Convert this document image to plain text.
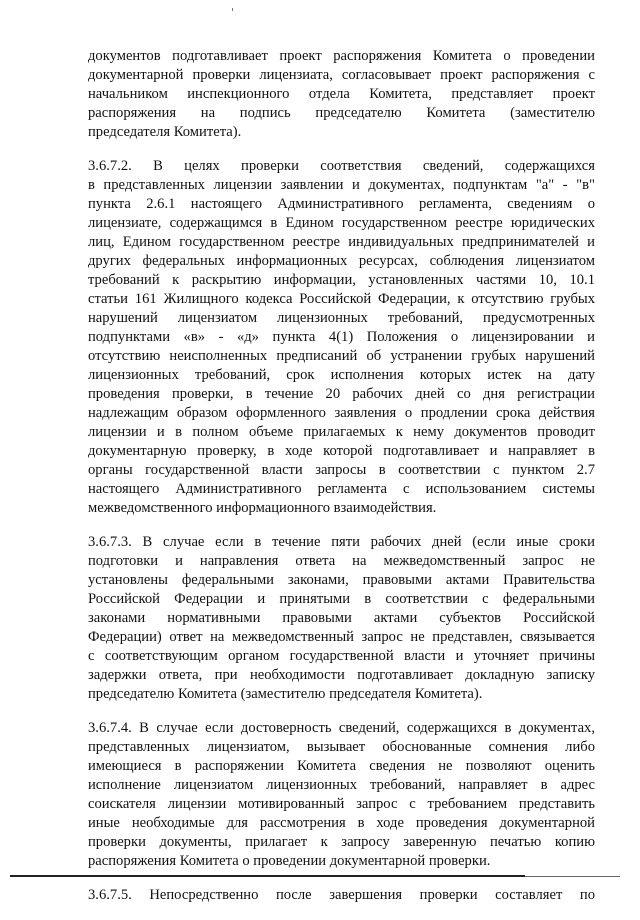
документов подготавливает проект распоряжения Комитета о проведении
документарной проверки лицензиата, согласовывает проект распоряжения с
начальником инспекционного отдела Комитета, представляет проект
распоряжения на подпись председателю Комитета (заместителю
председателя Комитета).
3.6.7.2. В целях проверки соответствия сведений, содержащихся
в представленных лицензии заявлении и документах, подпунктам "а" - "в"
пункта 2.6.1 настоящего Административного регламента, сведениям о
лицензиате, содержащимся в Едином государственном реестре юридических
лиц, Едином государственном реестре индивидуальных предпринимателей и
других федеральных информационных ресурсах, соблюдения лицензиатом
требований к раскрытию информации, установленных частями 10, 10.1
статьи 161 Жилищного кодекса Российской Федерации, к отсутствию грубых
нарушений лицензиатом лицензионных требований, предусмотренных
подпунктами «в» - «д» пункта 4(1) Положения о лицензировании и
отсутствию неисполненных предписаний об устранении грубых нарушений
лицензионных требований, срок исполнения которых истек на дату
проведения проверки, в течение 20 рабочих дней со дня регистрации
надлежащим образом оформленного заявления о продлении срока действия
лицензии и в полном объеме прилагаемых к нему документов проводит
документарную проверку, в ходе которой подготавливает и направляет в
органы государственной власти запросы в соответствии с пунктом 2.7
настоящего Административного регламента с использованием системы
межведомственного информационного взаимодействия.
3.6.7.3. В случае если в течение пяти рабочих дней (если иные сроки
подготовки и направления ответа на межведомственный запрос не
установлены федеральными законами, правовыми актами Правительства
Российской Федерации и принятыми в соответствии с федеральными
законами нормативными правовыми актами субъектов Российской
Федерации) ответ на межведомственный запрос не представлен, связывается
с соответствующим органом государственной власти и уточняет причины
задержки ответа, при необходимости подготавливает докладную записку
председателю Комитета (заместителю председателя Комитета).
3.6.7.4. В случае если достоверность сведений, содержащихся в документах,
представленных лицензиатом, вызывает обоснованные сомнения либо
имеющиеся в распоряжении Комитета сведения не позволяют оценить
исполнение лицензиатом лицензионных требований, направляет в адрес
соискателя лицензии мотивированный запрос с требованием представить
иные необходимые для рассмотрения в ходе проведения документарной
проверки документы, прилагает к запросу заверенную печатью копию
распоряжения Комитета о проведении документарной проверки.
3.6.7.5. Непосредственно после завершения проверки составляет по
